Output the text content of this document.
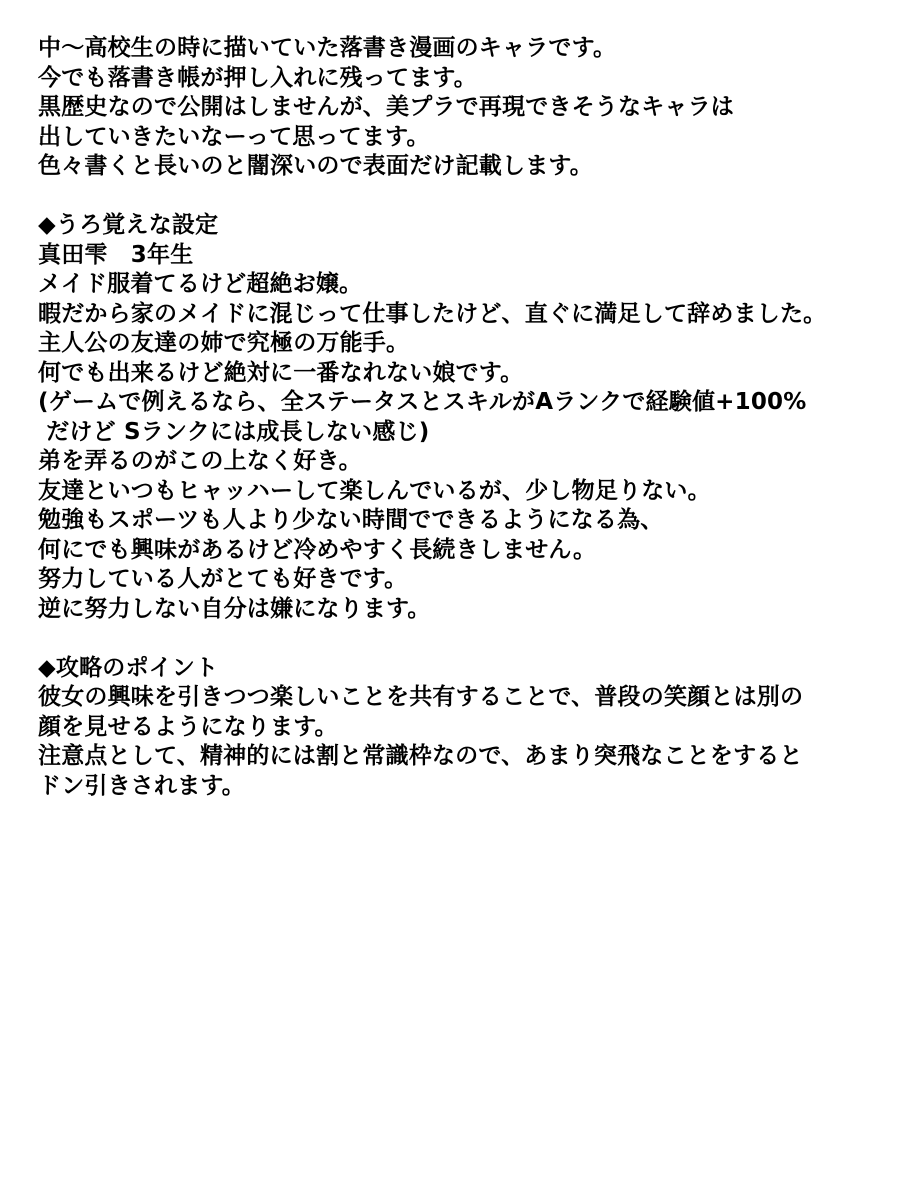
中～高校生の時に描いていた落書き漫画のキャラです。
今でも落書き帳が押し入れに残ってます。
黒歴史なので公開はしませんが、美プラで再現できそうなキャラは
出していきたいなーって思ってます。
色々書くと長いのと闇深いので表面だけ記載します。
◆うろ覚えな設定
真田雫　3年生
メイド服着てるけど超絶お嬢。
暇だから家のメイドに混じって仕事したけど、直ぐに満足して辞めました。
主人公の友達の姉で究極の万能手。
何でも出来るけど絶対に一番なれない娘です。
(ゲームで例えるなら、全ステータスとスキルがAランクで経験値+100%
だけど Sランクには成長しない感じ)
弟を弄るのがこの上なく好き。
友達といつもヒャッハーして楽しんでいるが、少し物足りない。
勉強もスポーツも人より少ない時間でできるようになる為、
何にでも興味があるけど冷めやすく長続きしません。
努力している人がとても好きです。
逆に努力しない自分は嫌になります。
◆攻略のポイント
彼女の興味を引きつつ楽しいことを共有することで、普段の笑顔とは別の
顔を見せるようになります。
注意点として、精神的には割と常識枠なので、あまり突飛なことをすると
ドン引きされます。
